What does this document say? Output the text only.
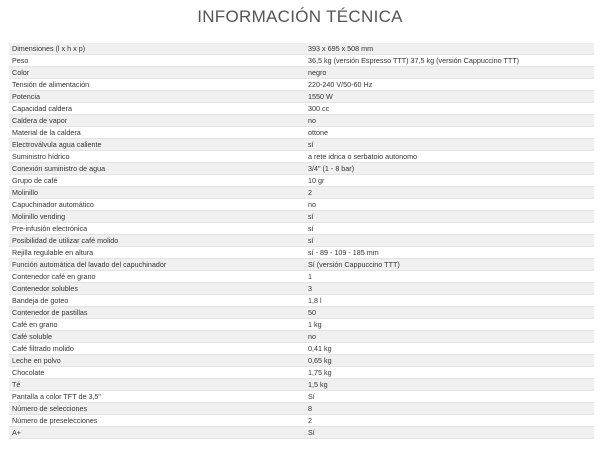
INFORMACIÓN TÉCNICA
Dimensiones (l x h x p)	393 x 695 x 508 mm
Peso	36,5 kg (versión Espresso TTT) 37,5 kg (versión Cappuccino TTT)
Color	negro
Tensión de alimentación	220-240 V/50-60 Hz
Potencia	1550 W
Capacidad caldera	300 cc
Caldera de vapor	no
Material de la caldera	ottone
Electroválvula agua caliente	sí
Suministro hídrico	a rete idrica o serbatoio autonomo
Conexión suministro de agua	3/4" (1 - 8 bar)
Grupo de café	10 gr
Molinillo	2
Capuchinador automático	no
Molinillo vending	sí
Pre-infusión electrónica	sí
Posibilidad de utilizar café molido	sí
Rejilla regulable en altura	sí - 89 - 109 - 185 mm
Función automática del lavado del capuchinador	Sí (versión Cappuccino TTT)
Contenedor café en grano	1
Contenedor solubles	3
Bandeja de goteo	1,8 l
Contenedor de pastillas	50
Café en grano	1 kg
Café soluble	no
Café filtrado molido	0,41 kg
Leche en polvo	0,65 kg
Chocolate	1,75 kg
Té	1,5 kg
Pantalla a color TFT de 3,5"	Sí
Número de selecciones	8
Número de preselecciones	2
A+	Sí
